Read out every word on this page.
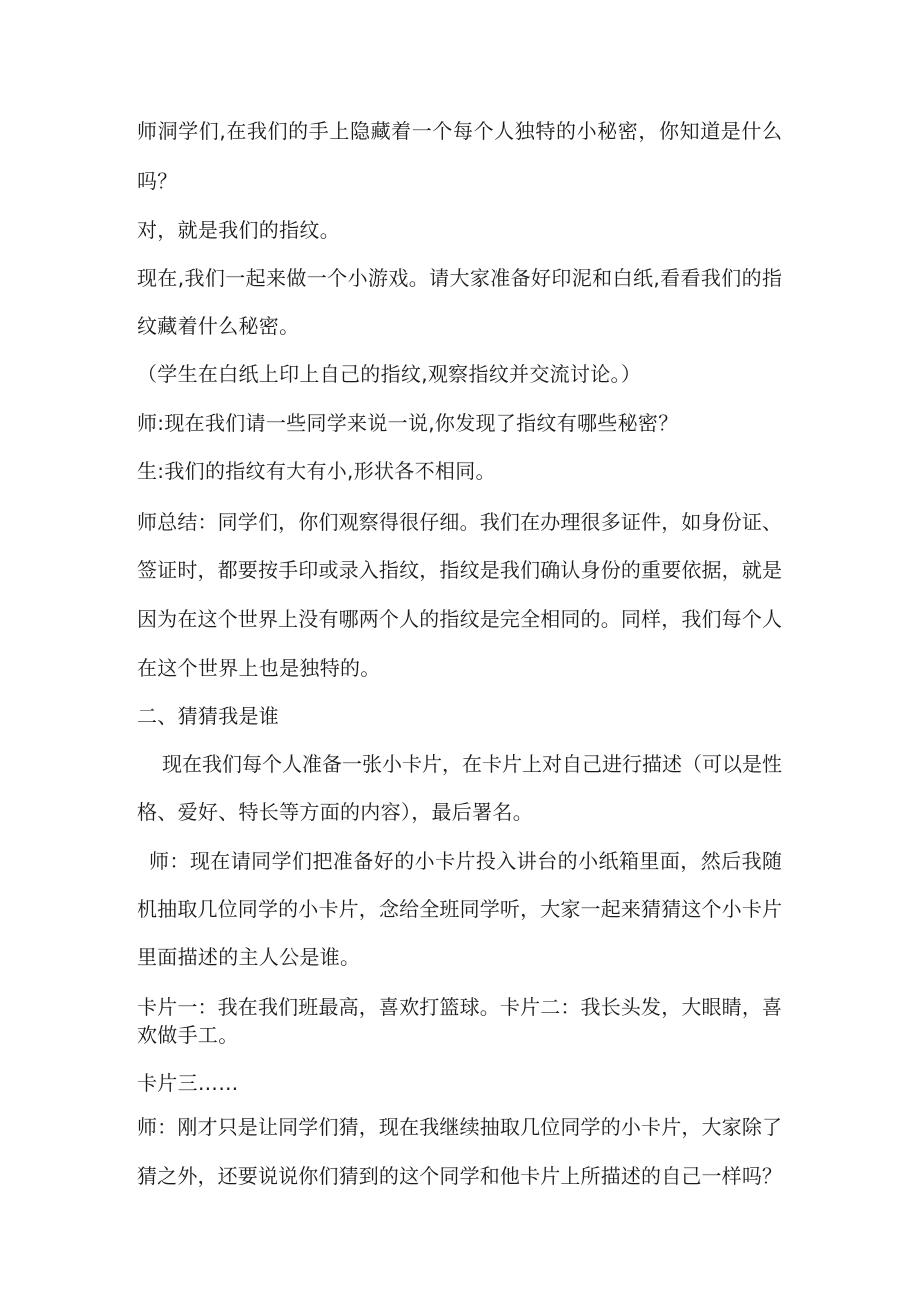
师洞学们,在我们的手上隐藏着一个每个人独特的小秘密，你知道是什么
吗？
对，就是我们的指纹。
现在,我们一起来做一个小游戏。请大家准备好印泥和白纸,看看我们的指
纹藏着什么秘密。
（学生在白纸上印上自己的指纹,观察指纹并交流讨论。）
师:现在我们请一些同学来说一说,你发现了指纹有哪些秘密？
生:我们的指纹有大有小,形状各不相同。
师总结：同学们，你们观察得很仔细。我们在办理很多证件，如身份证、
签证时，都要按手印或录入指纹，指纹是我们确认身份的重要依据，就是
因为在这个世界上没有哪两个人的指纹是完全相同的。同样，我们每个人
在这个世界上也是独特的。
二、猜猜我是谁
现在我们每个人准备一张小卡片，在卡片上对自己进行描述（可以是性
格、爱好、特长等方面的内容），最后署名。
师：现在请同学们把准备好的小卡片投入讲台的小纸箱里面，然后我随
机抽取几位同学的小卡片，念给全班同学听，大家一起来猜猜这个小卡片
里面描述的主人公是谁。
卡片一：我在我们班最高，喜欢打篮球。卡片二：我长头发，大眼睛，喜
欢做手工。
卡片三……
师：刚才只是让同学们猜，现在我继续抽取几位同学的小卡片，大家除了
猜之外，还要说说你们猜到的这个同学和他卡片上所描述的自己一样吗？
